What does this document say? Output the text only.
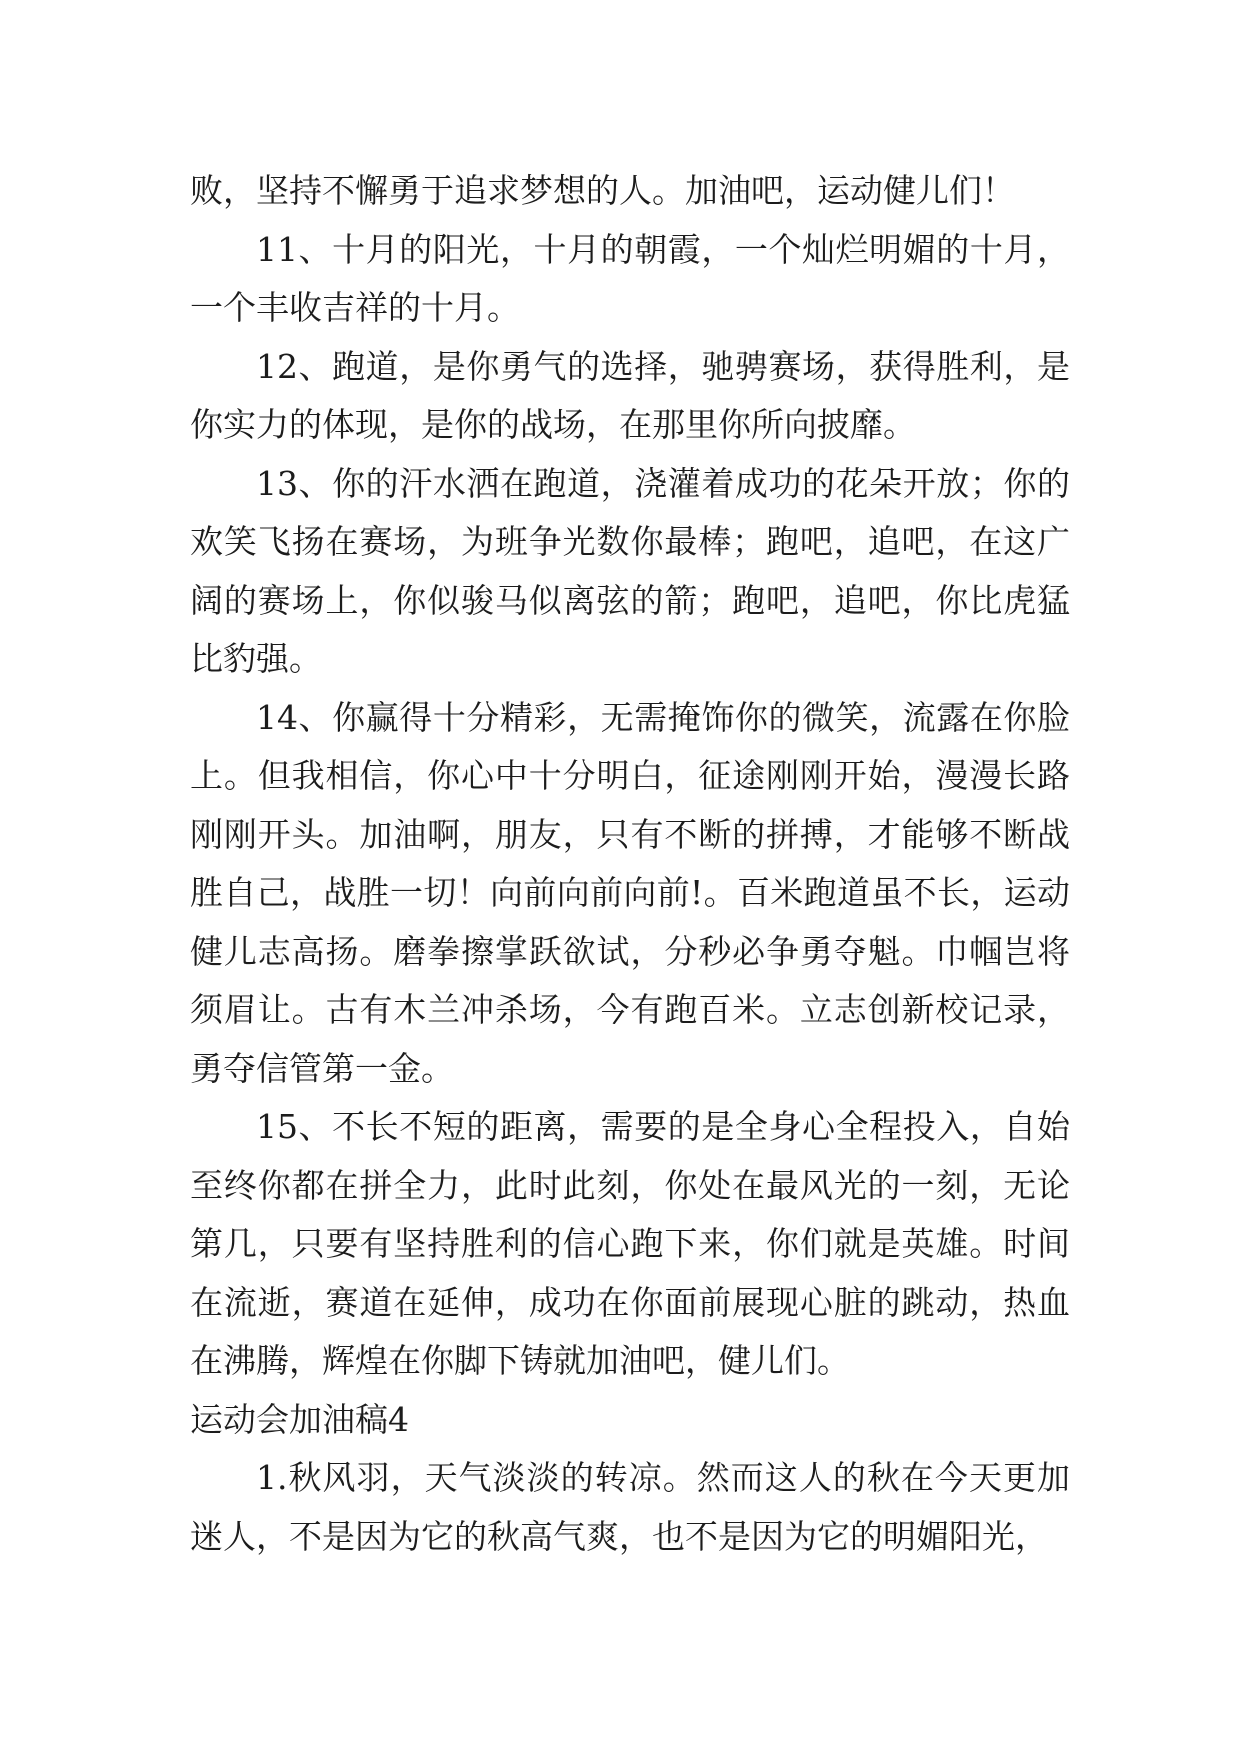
败，坚持不懈勇于追求梦想的人。加油吧，运动健儿们！

11、十月的阳光，十月的朝霞，一个灿烂明媚的十月，一个丰收吉祥的十月。

12、跑道，是你勇气的选择，驰骋赛场，获得胜利，是你实力的体现，是你的战场，在那里你所向披靡。

13、你的汗水洒在跑道，浇灌着成功的花朵开放；你的欢笑飞扬在赛场，为班争光数你最棒；跑吧，追吧，在这广阔的赛场上，你似骏马似离弦的箭；跑吧，追吧，你比虎猛比豹强。

14、你赢得十分精彩，无需掩饰你的微笑，流露在你脸上。但我相信，你心中十分明白，征途刚刚开始，漫漫长路刚刚开头。加油啊，朋友，只有不断的拼搏，才能够不断战胜自己，战胜一切！向前向前向前!。百米跑道虽不长，运动健儿志高扬。磨拳擦掌跃欲试，分秒必争勇夺魁。巾帼岂将须眉让。古有木兰冲杀场，今有跑百米。立志创新校记录，勇夺信管第一金。

15、不长不短的距离，需要的是全身心全程投入，自始至终你都在拼全力，此时此刻，你处在最风光的一刻，无论第几，只要有坚持胜利的信心跑下来，你们就是英雄。时间在流逝，赛道在延伸，成功在你面前展现心脏的跳动，热血在沸腾，辉煌在你脚下铸就加油吧，健儿们。

运动会加油稿4

1.秋风羽，天气淡淡的转凉。然而这人的秋在今天更加迷人，不是因为它的秋高气爽，也不是因为它的明媚阳光，
